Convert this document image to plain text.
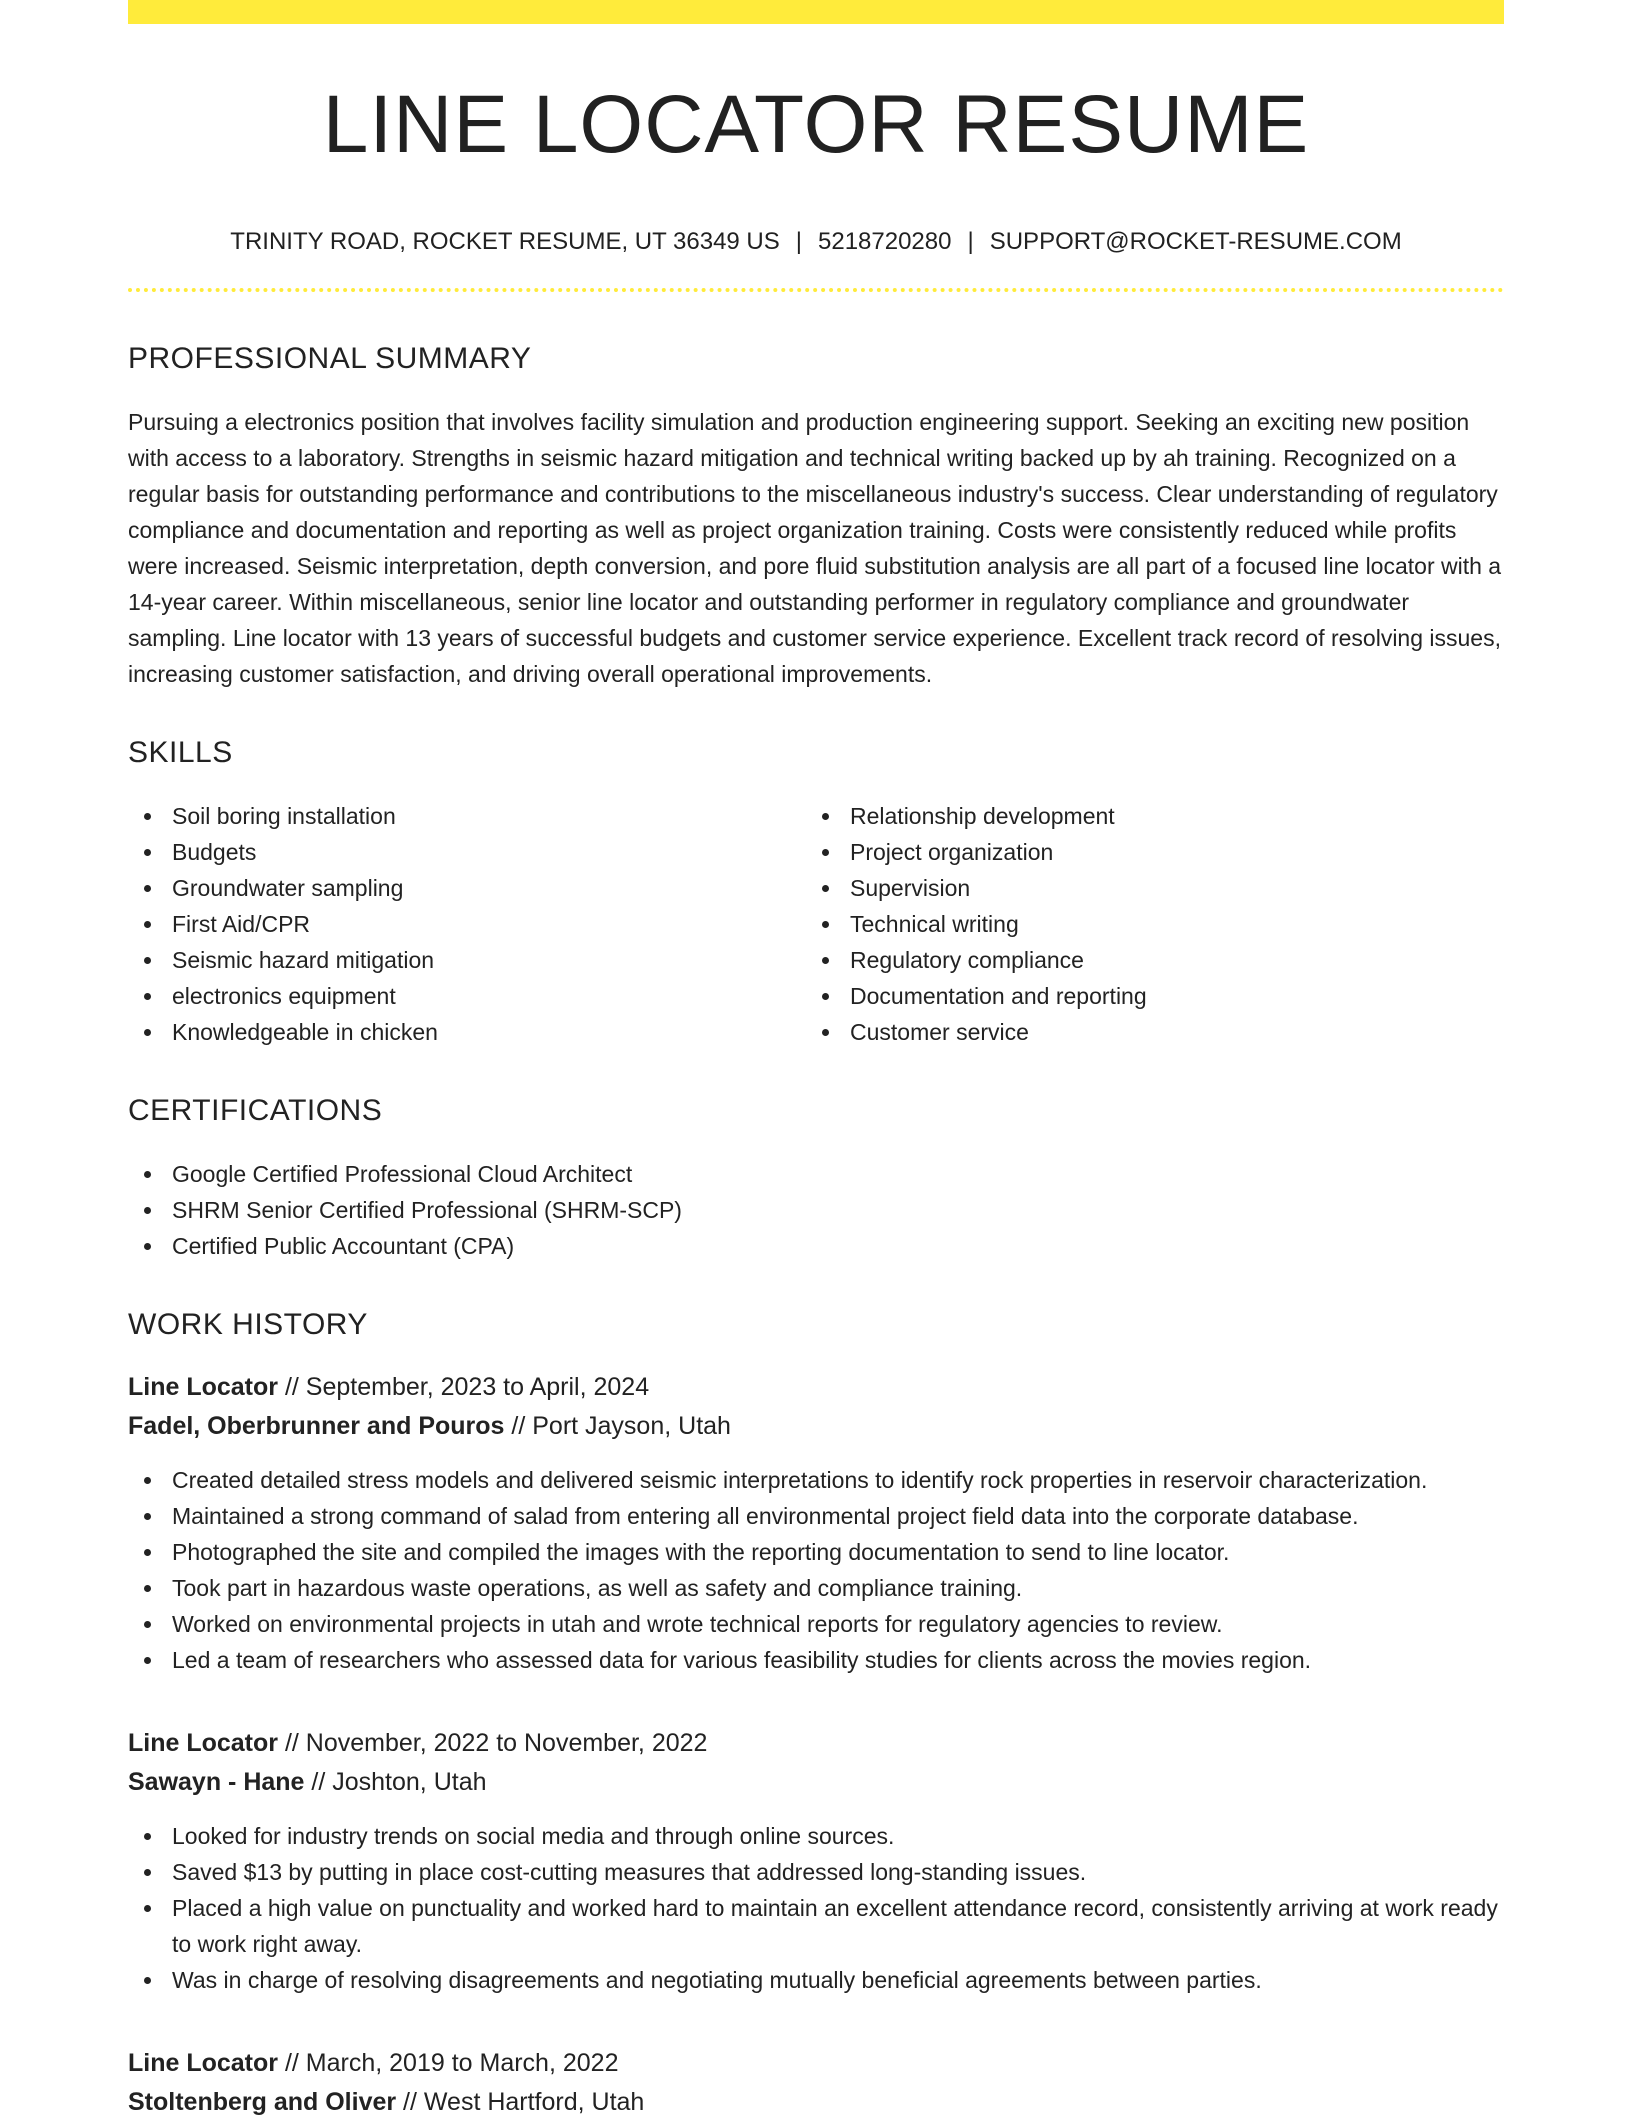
LINE LOCATOR RESUME
TRINITY ROAD, ROCKET RESUME, UT 36349 US | 5218720280 | SUPPORT@ROCKET-RESUME.COM
PROFESSIONAL SUMMARY

Pursuing a electronics position that involves facility simulation and production engineering support. Seeking an exciting new position with access to a laboratory. Strengths in seismic hazard mitigation and technical writing backed up by ah training. Recognized on a regular basis for outstanding performance and contributions to the miscellaneous industry's success. Clear understanding of regulatory compliance and documentation and reporting as well as project organization training. Costs were consistently reduced while profits were increased. Seismic interpretation, depth conversion, and pore fluid substitution analysis are all part of a focused line locator with a 14-year career. Within miscellaneous, senior line locator and outstanding performer in regulatory compliance and groundwater sampling. Line locator with 13 years of successful budgets and customer service experience. Excellent track record of resolving issues, increasing customer satisfaction, and driving overall operational improvements.

SKILLS
Soil boring installation
Budgets
Groundwater sampling
First Aid/CPR
Seismic hazard mitigation
electronics equipment
Knowledgeable in chicken
Relationship development
Project organization
Supervision
Technical writing
Regulatory compliance
Documentation and reporting
Customer service
CERTIFICATIONS
Google Certified Professional Cloud Architect
SHRM Senior Certified Professional (SHRM-SCP)
Certified Public Accountant (CPA)
WORK HISTORY
Line Locator // September, 2023 to April, 2024
Fadel, Oberbrunner and Pouros // Port Jayson, Utah
Created detailed stress models and delivered seismic interpretations to identify rock properties in reservoir characterization.
Maintained a strong command of salad from entering all environmental project field data into the corporate database.
Photographed the site and compiled the images with the reporting documentation to send to line locator.
Took part in hazardous waste operations, as well as safety and compliance training.
Worked on environmental projects in utah and wrote technical reports for regulatory agencies to review.
Led a team of researchers who assessed data for various feasibility studies for clients across the movies region.
Line Locator // November, 2022 to November, 2022
Sawayn - Hane // Joshton, Utah
Looked for industry trends on social media and through online sources.
Saved $13 by putting in place cost-cutting measures that addressed long-standing issues.
Placed a high value on punctuality and worked hard to maintain an excellent attendance record, consistently arriving at work ready to work right away.
Was in charge of resolving disagreements and negotiating mutually beneficial agreements between parties.
Line Locator // March, 2019 to March, 2022
Stoltenberg and Oliver // West Hartford, Utah
